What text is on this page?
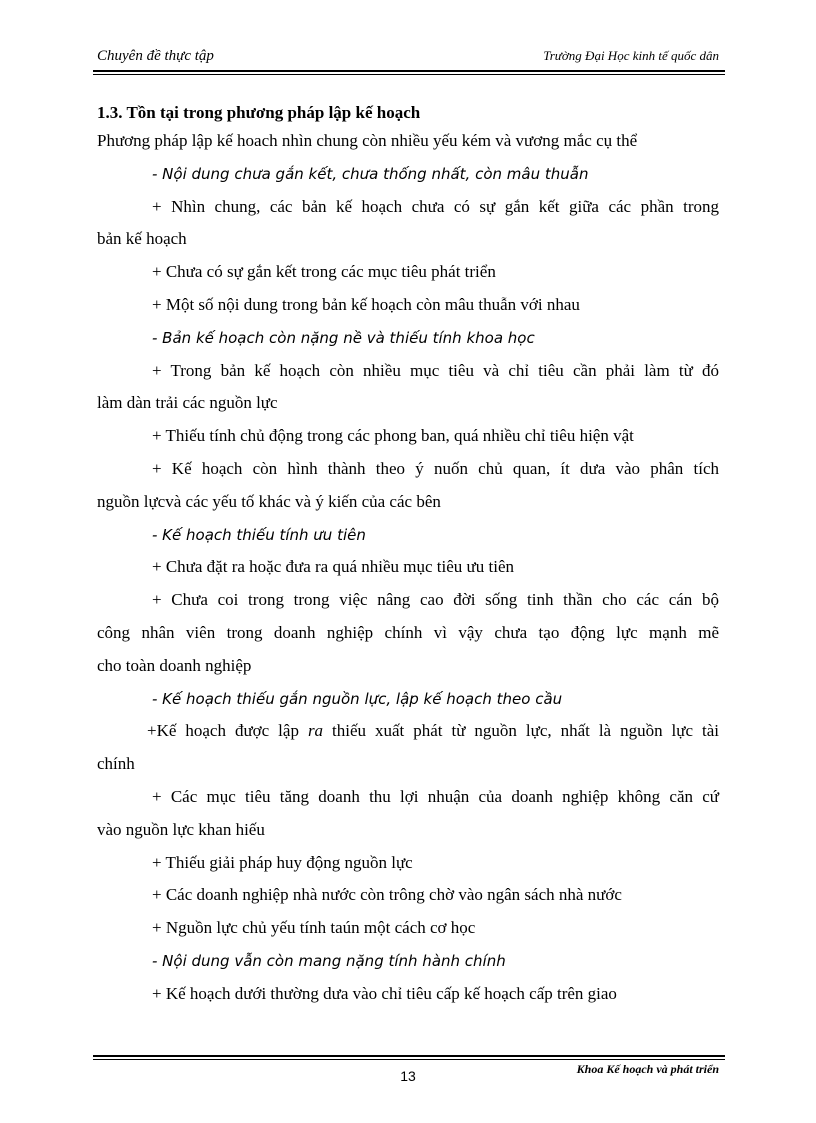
Chuyên đề thực tập	Trường Đại Học kinh tế quốc dân
1.3. Tồn tại trong phương pháp lập kế hoạch
Phương pháp lập kế hoach nhìn chung còn nhiều yếu kém và vương mắc cụ thể
- Nội dung chưa gắn kết, chưa thống nhất, còn mâu thuẫn
+ Nhìn chung, các bản kế hoạch chưa có sự gắn kết giữa các phần trong
bản kế hoạch
+ Chưa có sự gắn kết trong các mục tiêu phát triển
+ Một số nội dung trong bản kế hoạch còn mâu thuẫn với nhau
- Bản kế hoạch còn nặng nề và thiếu tính khoa học
+ Trong bản kế hoạch còn nhiều mục tiêu và chỉ tiêu cần phải làm từ đó
làm dàn trải các nguồn lực
+ Thiếu tính chủ động trong các phong ban, quá nhiều chỉ tiêu hiện vật
+ Kế hoạch còn hình thành theo ý nuốn chủ quan, ít dưa vào phân tích
nguồn lựcvà các yếu tố khác và ý kiến của các bên
- Kế hoạch thiếu tính ưu tiên
+ Chưa đặt ra hoặc đưa ra quá nhiều mục tiêu ưu tiên
+ Chưa coi trong trong việc nâng cao đời sống tinh thần cho các cán bộ
công nhân viên trong doanh nghiệp chính vì vậy chưa tạo động lực mạnh mẽ
cho toàn doanh nghiệp
- Kế hoạch thiếu gắn nguồn lực, lập kế hoạch theo cầu
+Kế hoạch được lập ra thiếu xuất phát từ nguồn lực, nhất là nguồn lực tài
chính
+ Các mục tiêu tăng doanh thu lợi nhuận của doanh nghiệp không căn cứ
vào nguồn lực khan hiếu
+ Thiếu giải pháp huy động nguồn lực
+ Các doanh nghiệp nhà nước còn trông chờ vào ngân sách nhà nước
+ Nguồn lực chủ yếu tính taún một cách cơ học
- Nội dung vẫn còn mang nặng tính hành chính
+ Kế hoạch dưới thường dưa vào chỉ tiêu cấp kế hoạch cấp trên giao
13	Khoa Kế hoạch và phát triển
